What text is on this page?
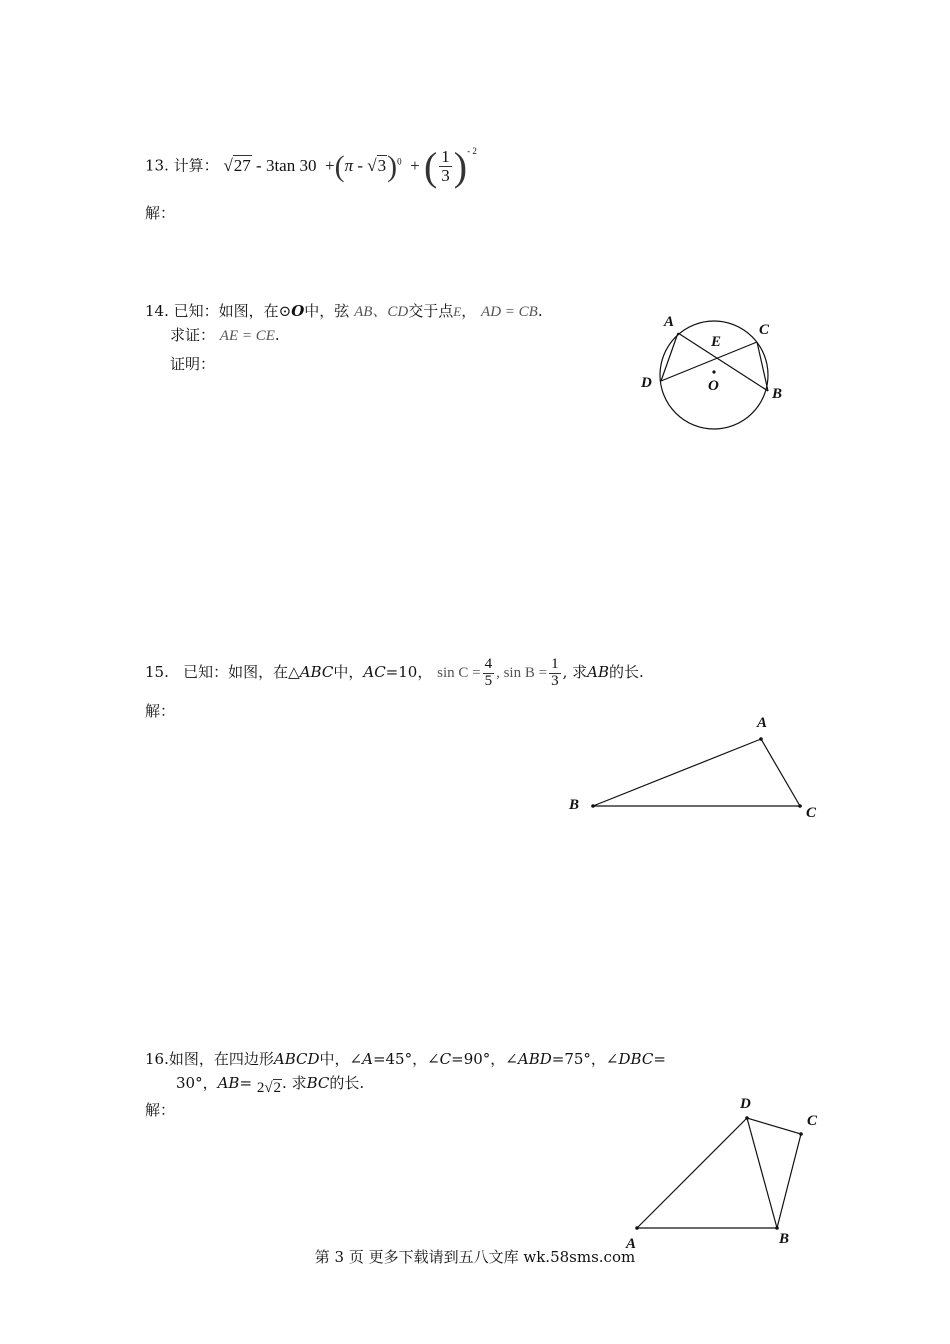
13. 计算： √27 - 3tan 30 +(π - √3)$^0$ + ( $\frac{1}{3} )^{- 2}$
解：
14. 已知：如图，在⊙O中，弦 AB、CD交于点E， AD = CB.
求证： AE = CE.
证明：
A	C
E
D	O	B
15. 已知：如图，在△ABC中，AC=10， $\sin C = \frac{4}{5}$ , $\sin B = \frac{1}{3}$ , 求AB的长.
解：
A
B	C
16.如图，在四边形ABCD中，∠A=45°，∠C=90°，∠ABD=75°，∠DBC=
30°，AB= 2√2. 求BC的长.
解：	D
C
A	B
第 3 页 更多下载请到五八文库 wk.58sms.com
